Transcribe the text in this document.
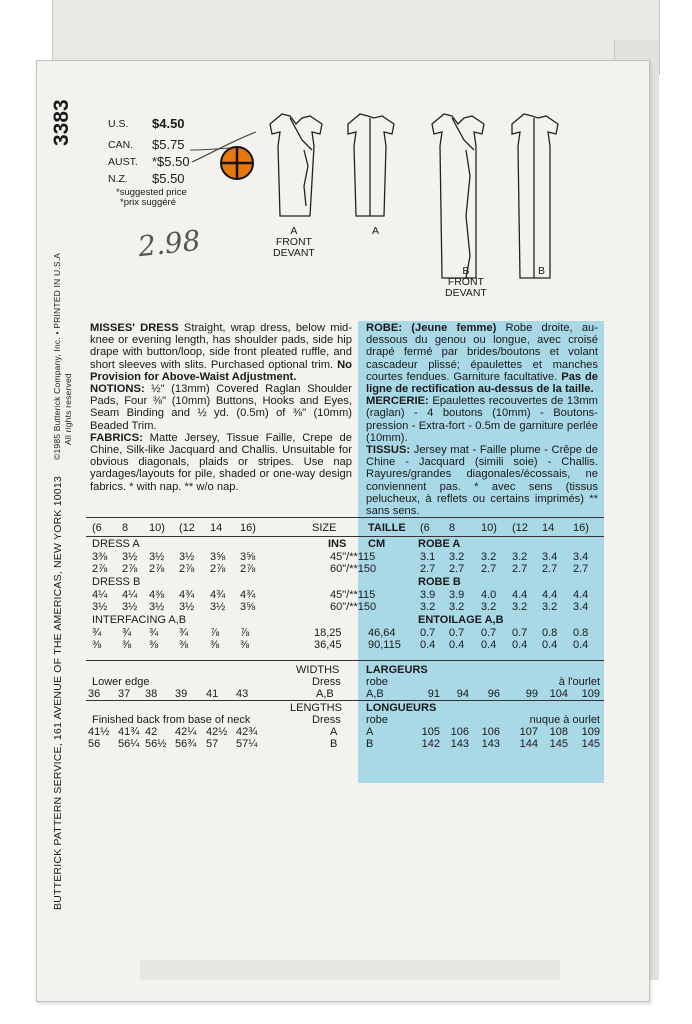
3383
BUTTERICK PATTERN SERVICE, 161 AVENUE OF THE AMERICAS, NEW YORK 10013
©1985 Butterick Company, Inc. • PRINTED IN U.S.A All rights reserved
U.S.	$4.50
CAN.	$5.75
AUST.	*$5.50
N.Z.	$5.50
*suggested price
*prix suggéré
2.98	A
FRONT
DEVANT
A
B
FRONT
DEVANT
B
MISSES' DRESS Straight, wrap dress, below mid-knee or evening length, has shoulder pads, side hip drape with button/loop, side front pleated ruffle, and short sleeves with slits. Purchased optional trim. No Provision for Above-Waist Adjustment.
NOTIONS: ½" (13mm) Covered Raglan Shoulder Pads, Four ⅜" (10mm) Buttons, Hooks and Eyes, Seam Binding and ½ yd. (0.5m) of ⅜" (10mm) Beaded Trim.
FABRICS: Matte Jersey, Tissue Faille, Crepe de Chine, Silk-like Jacquard and Challis. Unsuitable for obvious diagonals, plaids or stripes. Use nap yardages/layouts for pile, shaded or one-way design fabrics. * with nap. ** w/o nap.
ROBE: (Jeune femme) Robe droite, au-dessous du genou ou longue, avec croisé drapé fermé par brides/boutons et volant cascadeur plissé; épaulettes et manches courtes fendues. Garniture facultative. Pas de ligne de rectification au-dessus de la taille.
MERCERIE: Epaulettes recouvertes de 13mm (raglan) - 4 boutons (10mm) - Boutons-pression - Extra-fort - 0.5m de garniture perlée (10mm).
TISSUS: Jersey mat - Faille plume - Crêpe de Chine - Jacquard (simili soie) - Challis. Rayures/grandes diagonales/écossais, ne conviennent pas. * avec sens (tissus pelucheux, à reflets ou certains imprimés) ** sans sens.
(6 8 10) (12 14 16)	SIZE	TAILLE (6 8 10) (12 14 16)
INS CM
DRESS A	ROBE A
3⅜ 3½ 3½ 3½ 3⅝ 3⅝	45"/**115	3.1 3.2 3.2 3.2 3.4 3.4
2⅞ 2⅞ 2⅞ 2⅞ 2⅞ 2⅞	60"/**150	2.7 2.7 2.7 2.7 2.7 2.7
DRESS B	ROBE B
4¼ 4¼ 4⅜ 4¾ 4¾ 4¾	45"/**115	3.9 3.9 4.0 4.4 4.4 4.4
3½ 3½ 3½ 3½ 3½ 3⅝	60"/**150	3.2 3.2 3.2 3.2 3.2 3.4
INTERFACING A,B	ENTOILAGE A,B
¾ ¾ ¾ ¾ ⅞ ⅞	18,25 46,64 0.7 0.7 0.7 0.7 0.8 0.8
⅜ ⅜ ⅜ ⅜ ⅜ ⅜	36,45 90,115 0.4 0.4 0.4 0.4 0.4 0.4
WIDTHS LARGEURS
Lower edge	Dress robe	à l'ourlet
36 37 38 39 41 43	A,B	A,B	91 94 96 99 104 109
LENGTHS LONGUEURS
Finished back from base of neck	Dress robe	nuque à ourlet
41½ 41¾ 42 42¼ 42½ 42¾	A	A	105 106 106 107 108 109
56 56¼ 56½ 56¾ 57 57¼	B	B	142 143 143 144 145 145
